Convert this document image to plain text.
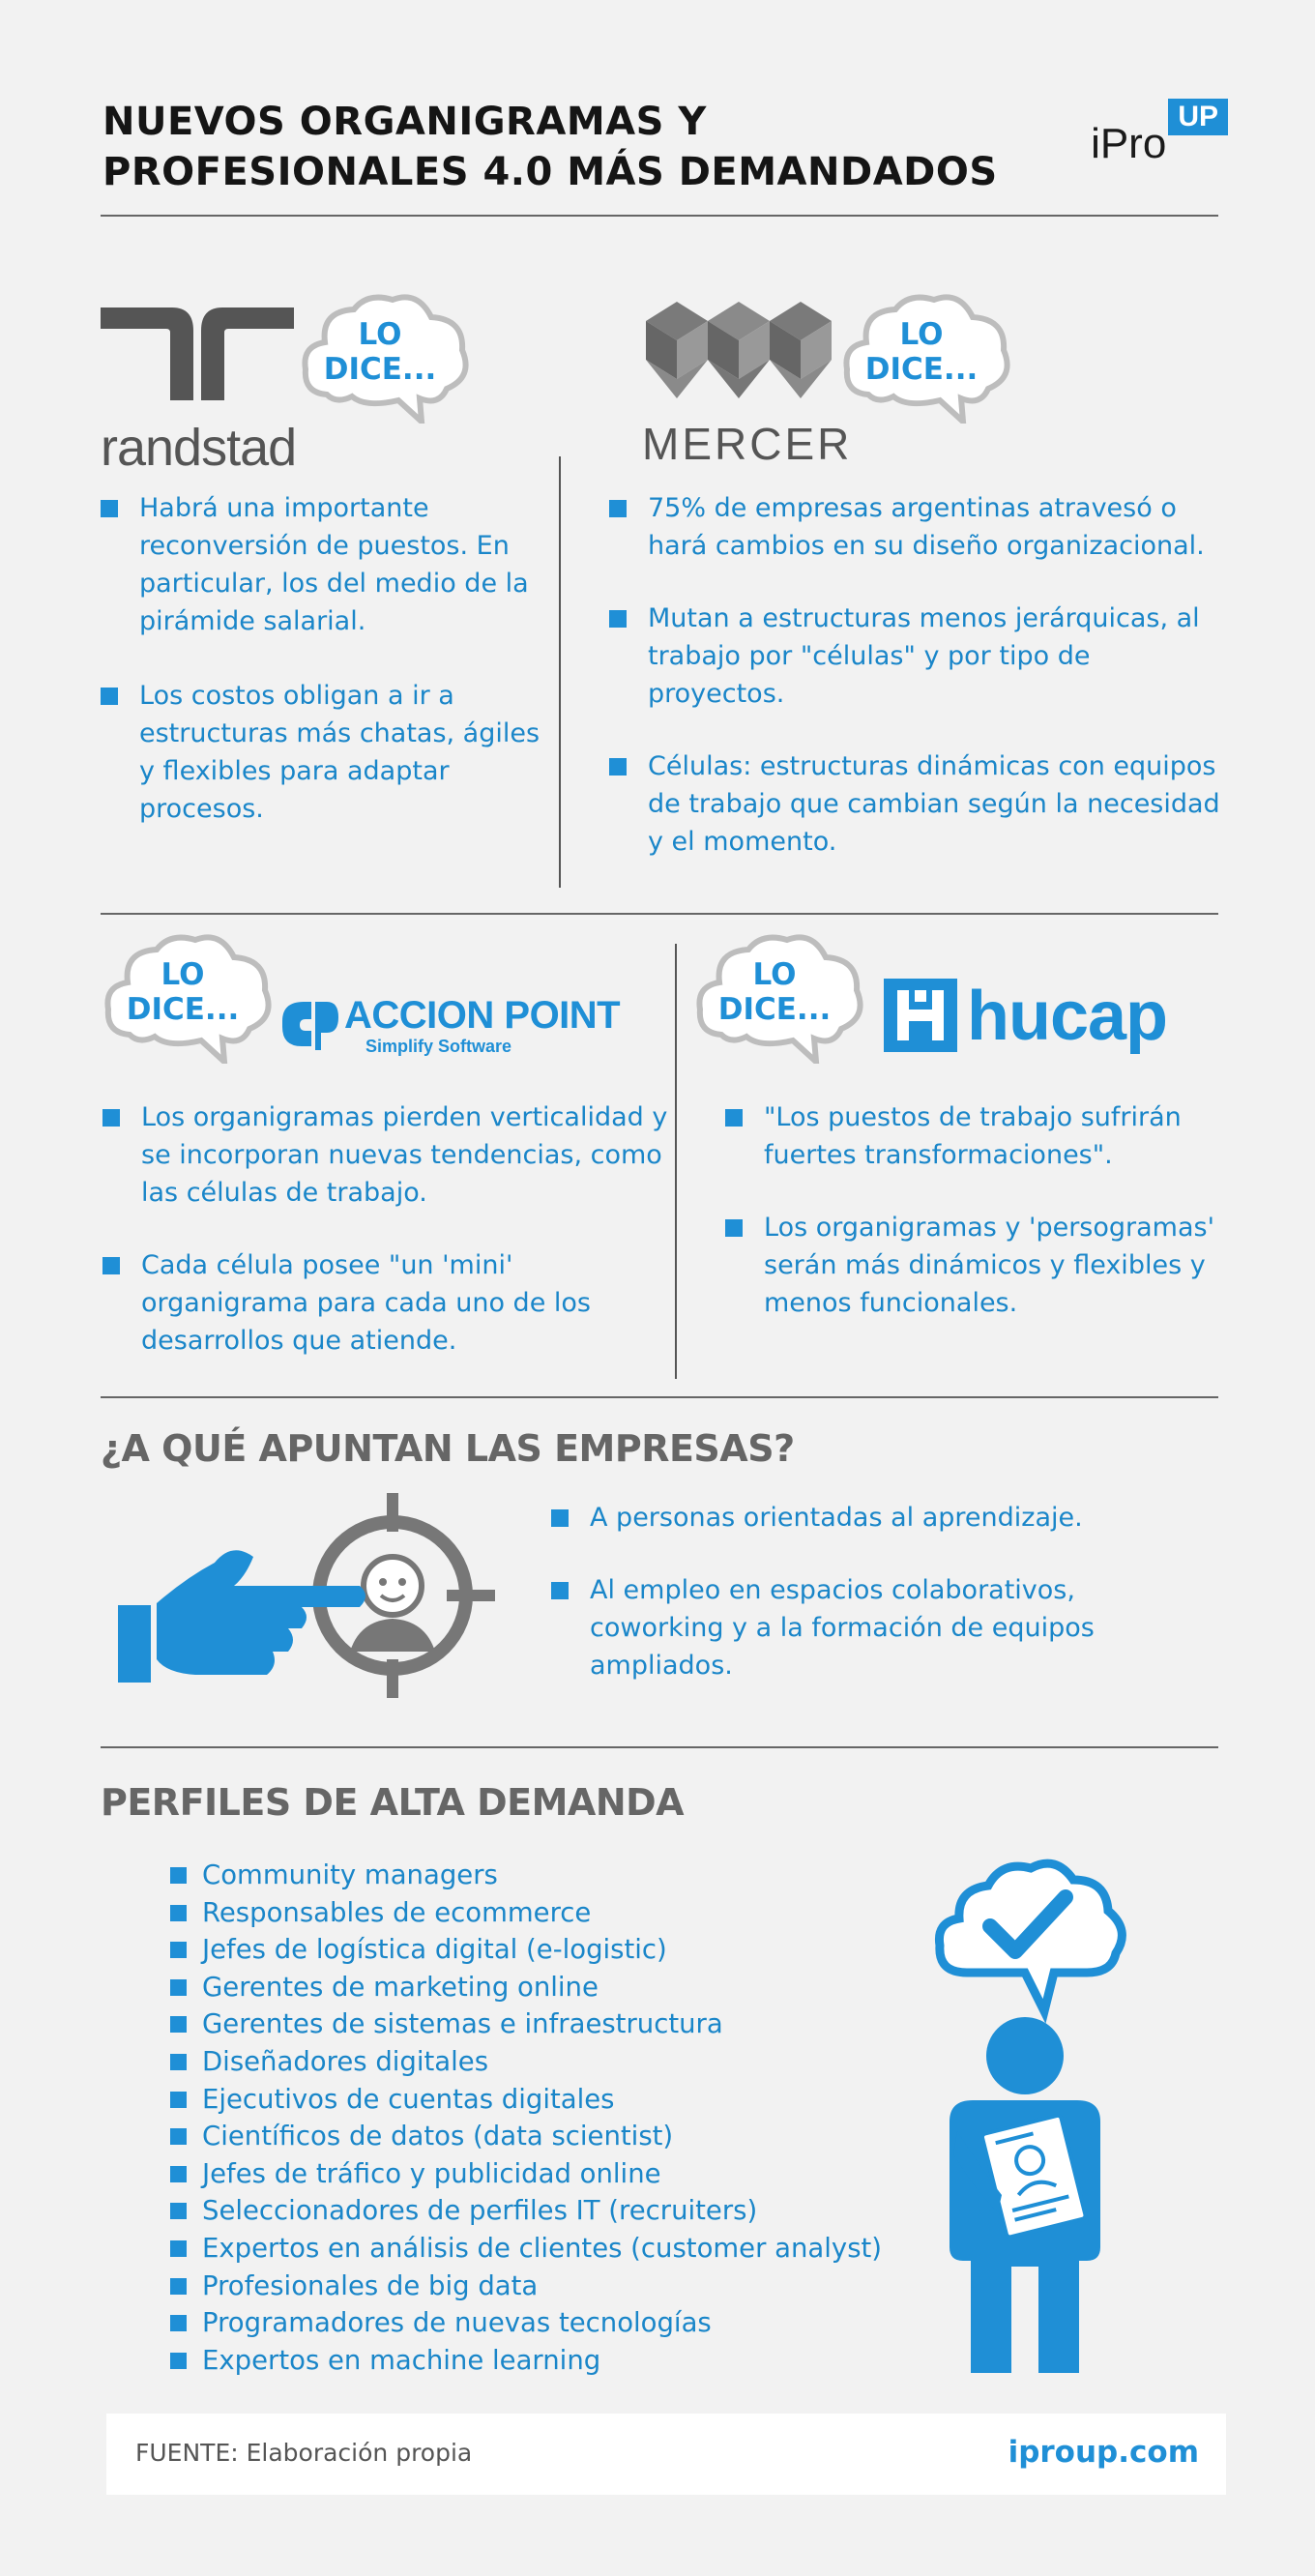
NUEVOS ORGANIGRAMAS Y
PROFESIONALES 4.0 MÁS DEMANDADOS
iPro
UP
randstad
LO
DICE...
MERCER
LO
DICE...
Habrá una importante reconversión de puestos. En particular, los del medio de la pirámide salarial.
Los costos obligan a ir a estructuras más chatas, ágiles y flexibles para adaptar procesos.
75% de empresas argentinas atravesó o hará cambios en su diseño organizacional.
Mutan a estructuras menos jerárquicas, al trabajo por "células" y por tipo de proyectos.
Células: estructuras dinámicas con equipos de trabajo que cambian según la necesidad y el momento.
LO
DICE...	ACCION POINT
Simplify Software
LO
DICE...	hucap
Los organigramas pierden verticalidad y se incorporan nuevas tendencias, como las células de trabajo.
Cada célula posee "un 'mini' organigrama para cada uno de los desarrollos que atiende.
"Los puestos de trabajo sufrirán fuertes transformaciones".
Los organigramas y 'persogramas' serán más dinámicos y flexibles y menos funcionales.
¿A QUÉ APUNTAN LAS EMPRESAS?
A personas orientadas al aprendizaje.
Al empleo en espacios colaborativos, coworking y a la formación de equipos ampliados.
PERFILES DE ALTA DEMANDA
Community managers
Responsables de ecommerce
Jefes de logística digital (e-logistic)
Gerentes de marketing online
Gerentes de sistemas e infraestructura
Diseñadores digitales
Ejecutivos de cuentas digitales
Científicos de datos (data scientist)
Jefes de tráfico y publicidad online
Seleccionadores de perfiles IT (recruiters)
Expertos en análisis de clientes (customer analyst)
Profesionales de big data
Programadores de nuevas tecnologías
Expertos en machine learning
FUENTE: Elaboración propia	iproup.com
